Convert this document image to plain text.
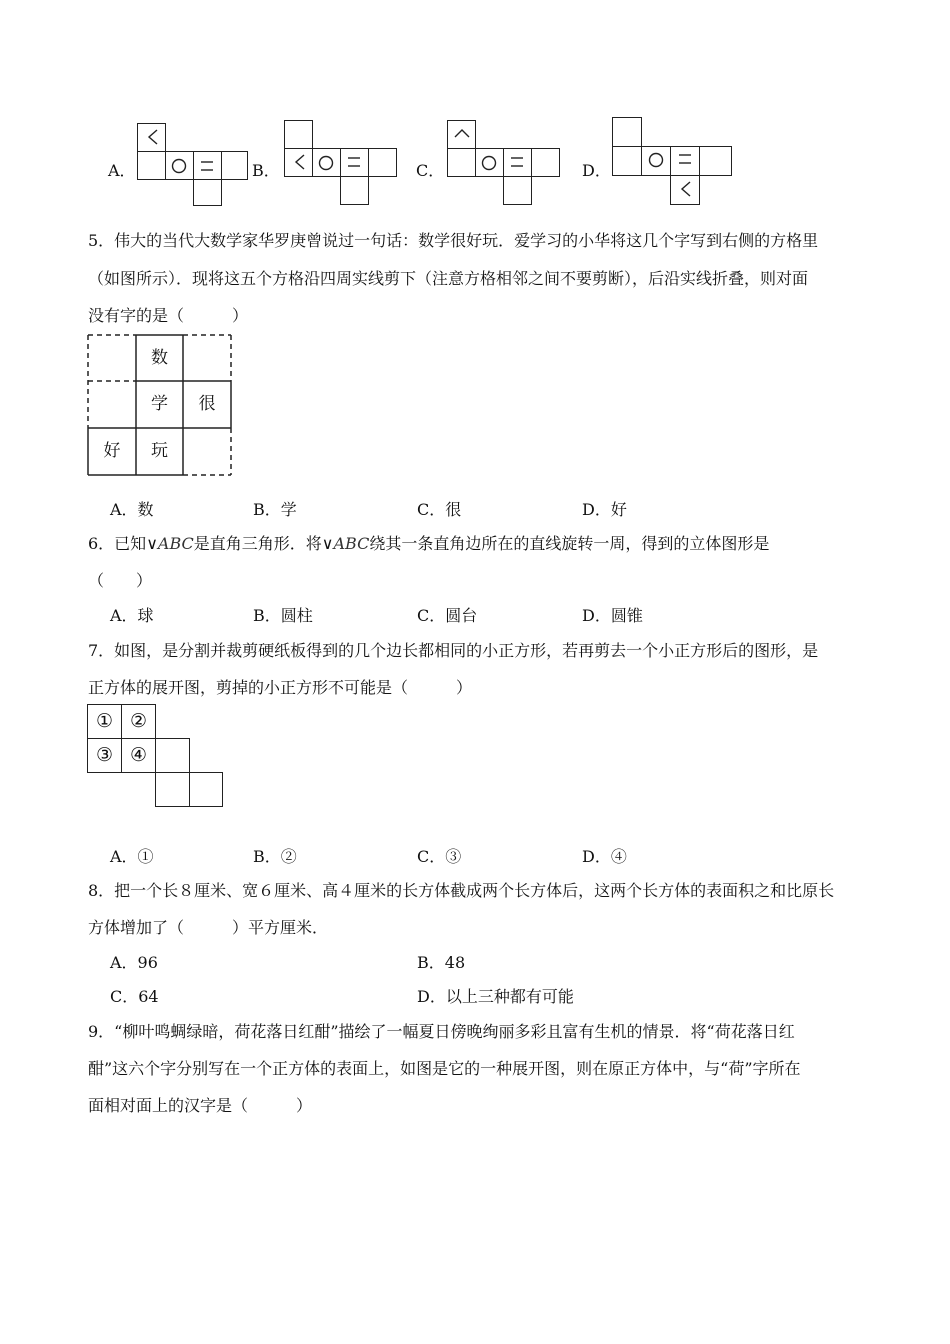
A．	B．	C．	D．
5．伟大的当代大数学家华罗庚曾说过一句话：数学很好玩．爱学习的小华将这几个字写到右侧的方格里
（如图所示）．现将这五个方格沿四周实线剪下（注意方格相邻之间不要剪断），后沿实线折叠，则对面
没有字的是（　　　）
数
学	很
好	玩
A．数	B．学	C．很	D．好
6．已知∨ABC是直角三角形．将∨ABC绕其一条直角边所在的直线旋转一周，得到的立体图形是
（　　）
A．球	B．圆柱	C．圆台	D．圆锥
7．如图，是分割并裁剪硬纸板得到的几个边长都相同的小正方形，若再剪去一个小正方形后的图形，是
正方体的展开图，剪掉的小正方形不可能是（　　　）
① ②
③ ④
A．①	B．②	C．③	D．④
8．把一个长８厘米、宽６厘米、高４厘米的长方体截成两个长方体后，这两个长方体的表面积之和比原长
方体增加了（　　　）平方厘米．
A．96	B．48
C．64	D．以上三种都有可能
9．“柳叶鸣蜩绿暗，荷花落日红酣”描绘了一幅夏日傍晚绚丽多彩且富有生机的情景．将“荷花落日红
酣”这六个字分别写在一个正方体的表面上，如图是它的一种展开图，则在原正方体中，与“荷”字所在
面相对面上的汉字是（　　　）
